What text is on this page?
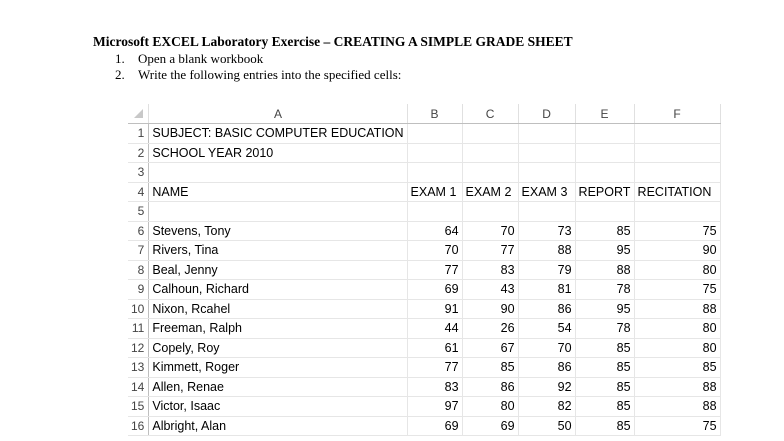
Microsoft EXCEL Laboratory Exercise – CREATING A SIMPLE GRADE SHEET
1. Open a blank workbook
2. Write the following entries into the specified cells:
	A	B	C	D	E	F
1	SUBJECT: BASIC COMPUTER EDUCATION					
2	SCHOOL YEAR 2010					
3						
4	NAME	EXAM 1	EXAM 2	EXAM 3	REPORT	RECITATION
5						
6	Stevens, Tony	64	70	73	85	75
7	Rivers, Tina	70	77	88	95	90
8	Beal, Jenny	77	83	79	88	80
9	Calhoun, Richard	69	43	81	78	75
10	Nixon, Rcahel	91	90	86	95	88
11	Freeman, Ralph	44	26	54	78	80
12	Copely, Roy	61	67	70	85	80
13	Kimmett, Roger	77	85	86	85	85
14	Allen, Renae	83	86	92	85	88
15	Victor, Isaac	97	80	82	85	88
16	Albright, Alan	69	69	50	85	75
